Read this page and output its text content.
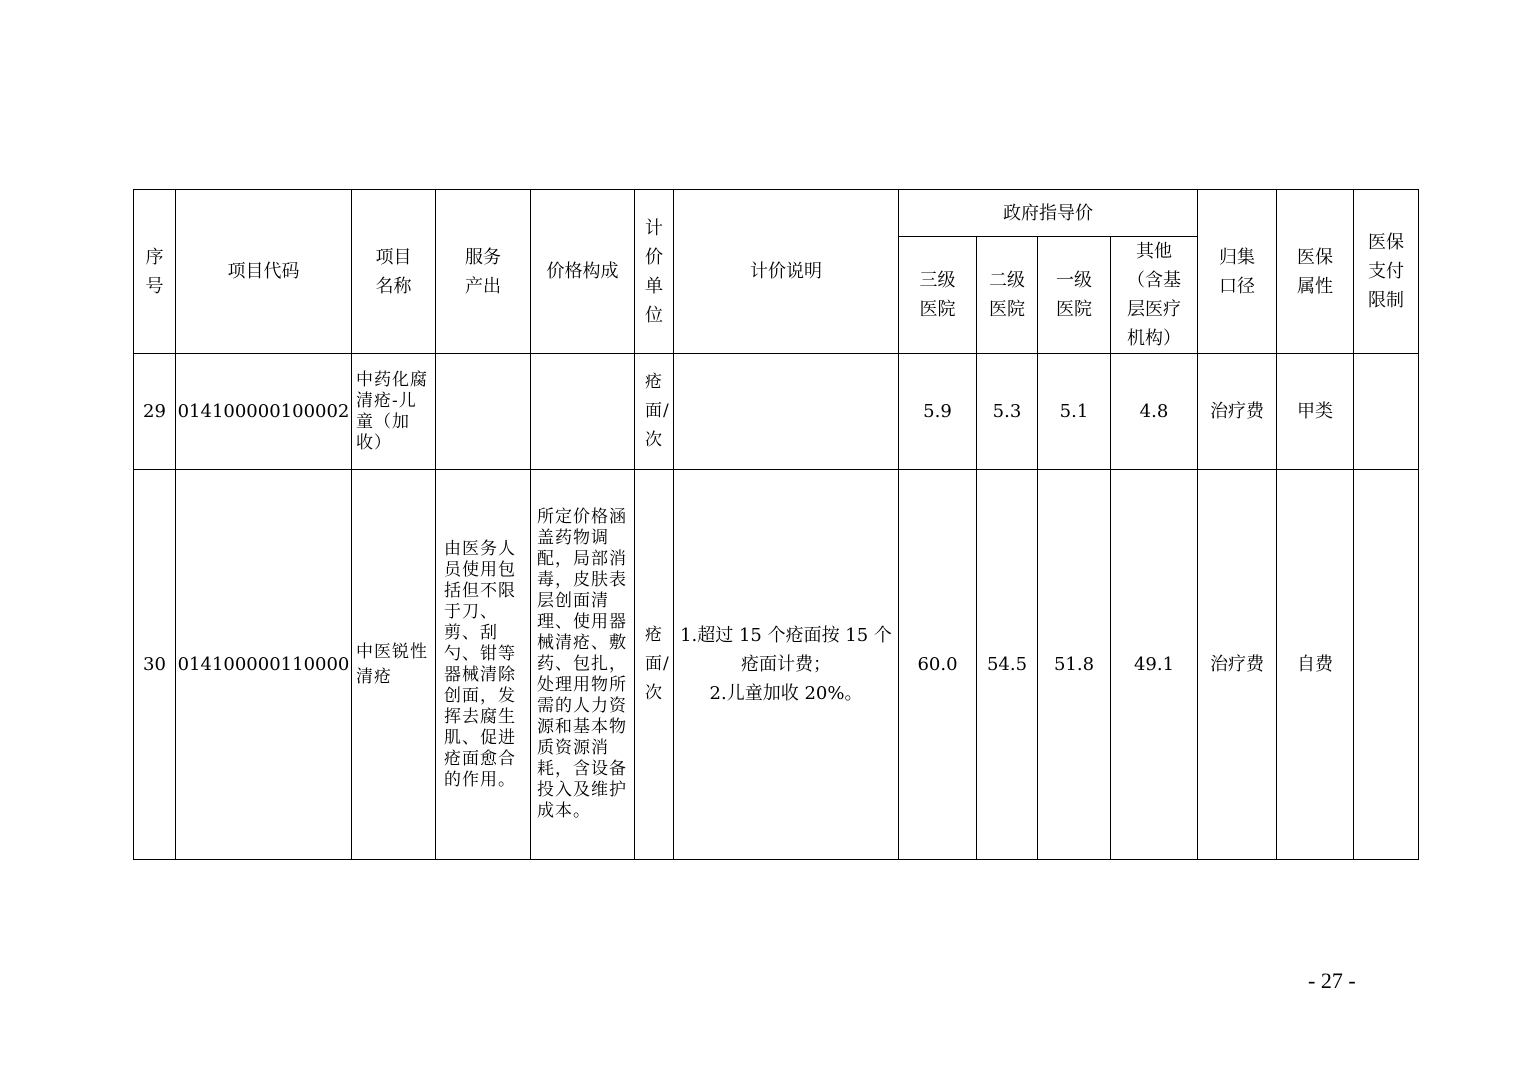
序号	项目代码	项目名称	服务产出	价格构成	计价单位	计价说明	政府指导价				归集口径	医保属性	医保支付限制
							三级医院	二级医院	一级医院	其他（含基层医疗机构）			
29	014100000100002	中药化腐清疮-儿童（加收）			疮面/次		5.9	5.3	5.1	4.8	治疗费	甲类	
30	014100000110000	中医锐性清疮	由医务人员使用包括但不限于刀、剪、刮勺、钳等器械清除创面，发挥去腐生肌、促进疮面愈合的作用。	所定价格涵盖药物调配，局部消毒，皮肤表层创面清理、使用器械清疮、敷药、包扎，处理用物所需的人力资源和基本物质资源消耗，含设备投入及维护成本。	疮面/次	1.超过 15 个疮面按 15 个疮面计费；
2.儿童加收 20%。	60.0	54.5	51.8	49.1	治疗费	自费	
- 27 -
